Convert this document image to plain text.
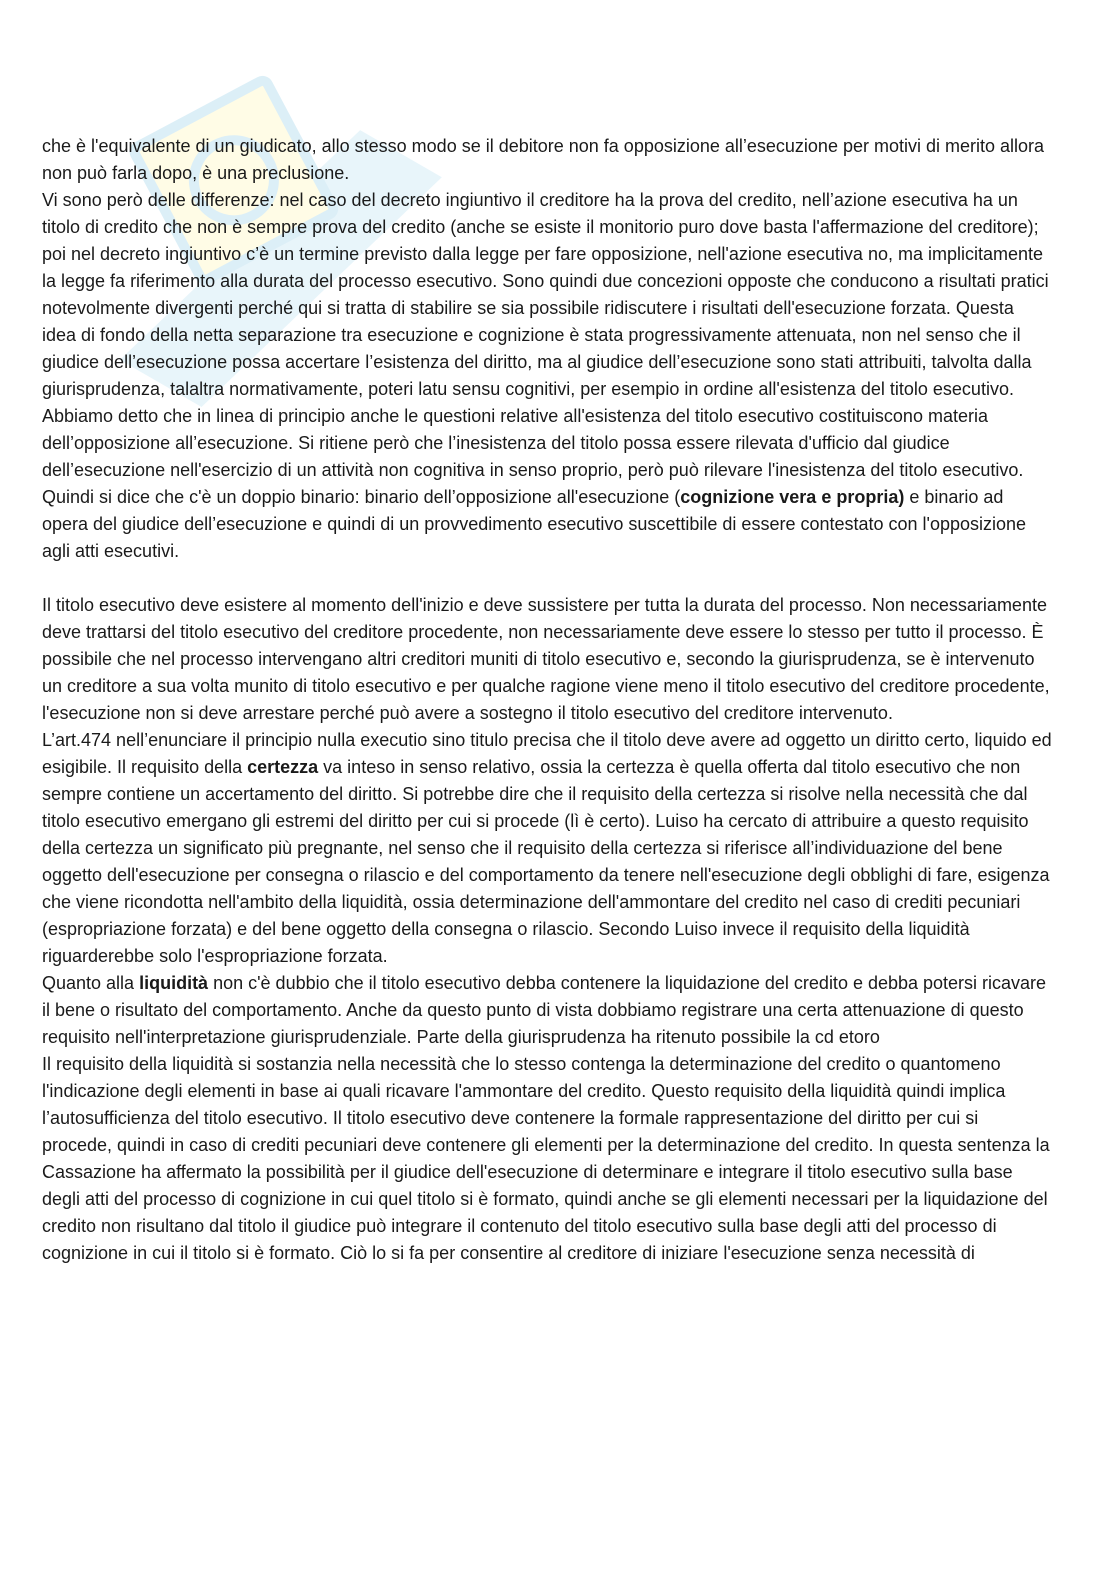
che è l'equivalente di un giudicato, allo stesso modo se il debitore non fa opposizione all’esecuzione per motivi di merito allora non può farla dopo, è una preclusione.

Vi sono però delle differenze: nel caso del decreto ingiuntivo il creditore ha la prova del credito, nell’azione esecutiva ha un titolo di credito che non è sempre prova del credito (anche se esiste il monitorio puro dove basta l'affermazione del creditore); poi nel decreto ingiuntivo c’è un termine previsto dalla legge per fare opposizione, nell'azione esecutiva no, ma implicitamente la legge fa riferimento alla durata del processo esecutivo. Sono quindi due concezioni opposte che conducono a risultati pratici notevolmente divergenti perché qui si tratta di stabilire se sia possibile ridiscutere i risultati dell'esecuzione forzata. Questa idea di fondo della netta separazione tra esecuzione e cognizione è stata progressivamente attenuata, non nel senso che il giudice dell’esecuzione possa accertare l’esistenza del diritto, ma al giudice dell’esecuzione sono stati attribuiti, talvolta dalla giurisprudenza, talaltra normativamente, poteri latu sensu cognitivi, per esempio in ordine all'esistenza del titolo esecutivo.

Abbiamo detto che in linea di principio anche le questioni relative all'esistenza del titolo esecutivo costituiscono materia dell’opposizione all’esecuzione. Si ritiene però che l’inesistenza del titolo possa essere rilevata d'ufficio dal giudice dell’esecuzione nell'esercizio di un attività non cognitiva in senso proprio, però può rilevare l'inesistenza del titolo esecutivo. Quindi si dice che c'è un doppio binario: binario dell’opposizione all'esecuzione (cognizione vera e propria) e binario ad opera del giudice dell’esecuzione e quindi di un provvedimento esecutivo suscettibile di essere contestato con l'opposizione agli atti esecutivi.

Il titolo esecutivo deve esistere al momento dell'inizio e deve sussistere per tutta la durata del processo. Non necessariamente deve trattarsi del titolo esecutivo del creditore procedente, non necessariamente deve essere lo stesso per tutto il processo. È possibile che nel processo intervengano altri creditori muniti di titolo esecutivo e, secondo la giurisprudenza, se è intervenuto un creditore a sua volta munito di titolo esecutivo e per qualche ragione viene meno il titolo esecutivo del creditore procedente, l'esecuzione non si deve arrestare perché può avere a sostegno il titolo esecutivo del creditore intervenuto.

L’art.474 nell’enunciare il principio nulla executio sino titulo precisa che il titolo deve avere ad oggetto un diritto certo, liquido ed esigibile. Il requisito della certezza va inteso in senso relativo, ossia la certezza è quella offerta dal titolo esecutivo che non sempre contiene un accertamento del diritto. Si potrebbe dire che il requisito della certezza si risolve nella necessità che dal titolo esecutivo emergano gli estremi del diritto per cui si procede (lì è certo). Luiso ha cercato di attribuire a questo requisito della certezza un significato più pregnante, nel senso che il requisito della certezza si riferisce all’individuazione del bene oggetto dell'esecuzione per consegna o rilascio e del comportamento da tenere nell'esecuzione degli obblighi di fare, esigenza che viene ricondotta nell'ambito della liquidità, ossia determinazione dell'ammontare del credito nel caso di crediti pecuniari (espropriazione forzata) e del bene oggetto della consegna o rilascio. Secondo Luiso invece il requisito della liquidità riguarderebbe solo l'espropriazione forzata.

Quanto alla liquidità non c'è dubbio che il titolo esecutivo debba contenere la liquidazione del credito e debba potersi ricavare il bene o risultato del comportamento. Anche da questo punto di vista dobbiamo registrare una certa attenuazione di questo requisito nell'interpretazione giurisprudenziale. Parte della giurisprudenza ha ritenuto possibile la cd etoro

Il requisito della liquidità si sostanzia nella necessità che lo stesso contenga la determinazione del credito o quantomeno l'indicazione degli elementi in base ai quali ricavare l'ammontare del credito. Questo requisito della liquidità quindi implica l’autosufficienza del titolo esecutivo. Il titolo esecutivo deve contenere la formale rappresentazione del diritto per cui si procede, quindi in caso di crediti pecuniari deve contenere gli elementi per la determinazione del credito. In questa sentenza la Cassazione ha affermato la possibilità per il giudice dell'esecuzione di determinare e integrare il titolo esecutivo sulla base degli atti del processo di cognizione in cui quel titolo si è formato, quindi anche se gli elementi necessari per la liquidazione del credito non risultano dal titolo il giudice può integrare il contenuto del titolo esecutivo sulla base degli atti del processo di cognizione in cui il titolo si è formato. Ciò lo si fa per consentire al creditore di iniziare l'esecuzione senza necessità di
